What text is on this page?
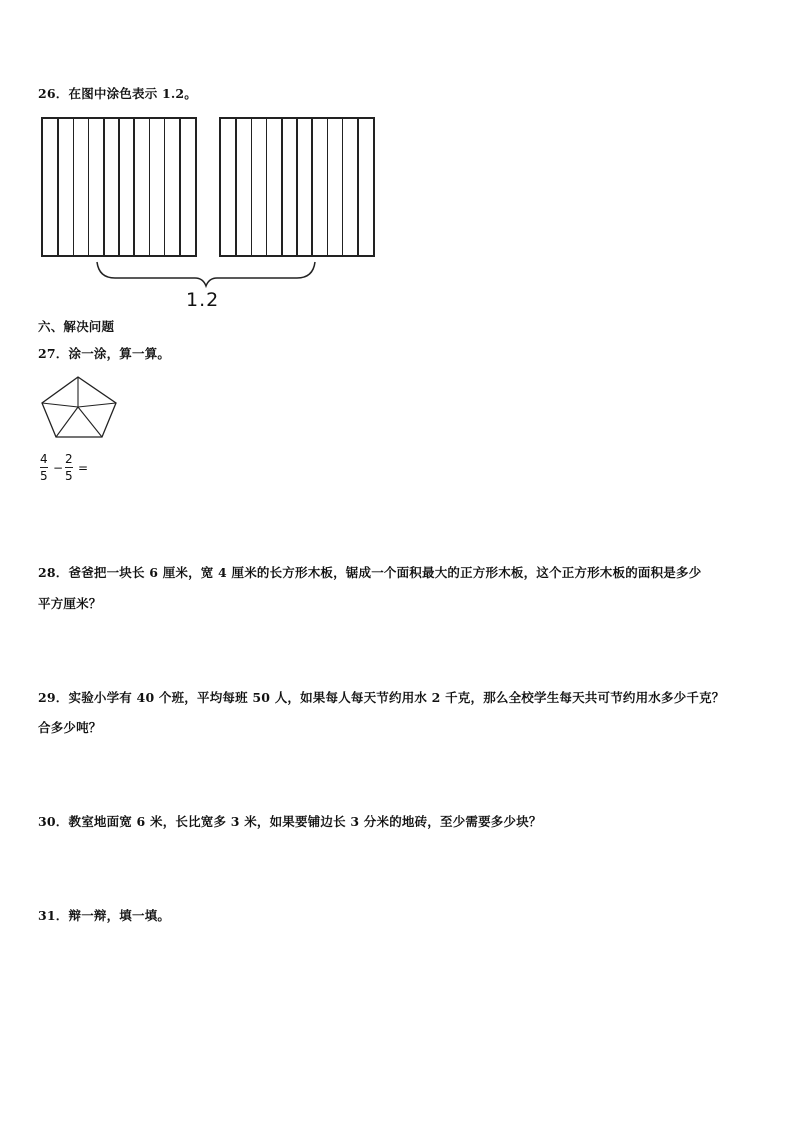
26．在图中涂色表示 1.2。
1.2
六、解决问题
27．涂一涂，算一算。
4
5
−
2
5
=
28．爸爸把一块长 6 厘米，宽 4 厘米的长方形木板，锯成一个面积最大的正方形木板，这个正方形木板的面积是多少
平方厘米？
29．实验小学有 40 个班，平均每班 50 人，如果每人每天节约用水 2 千克，那么全校学生每天共可节约用水多少千克？
合多少吨？
30．教室地面宽 6 米，长比宽多 3 米，如果要铺边长 3 分米的地砖，至少需要多少块？
31．辩一辩，填一填。
